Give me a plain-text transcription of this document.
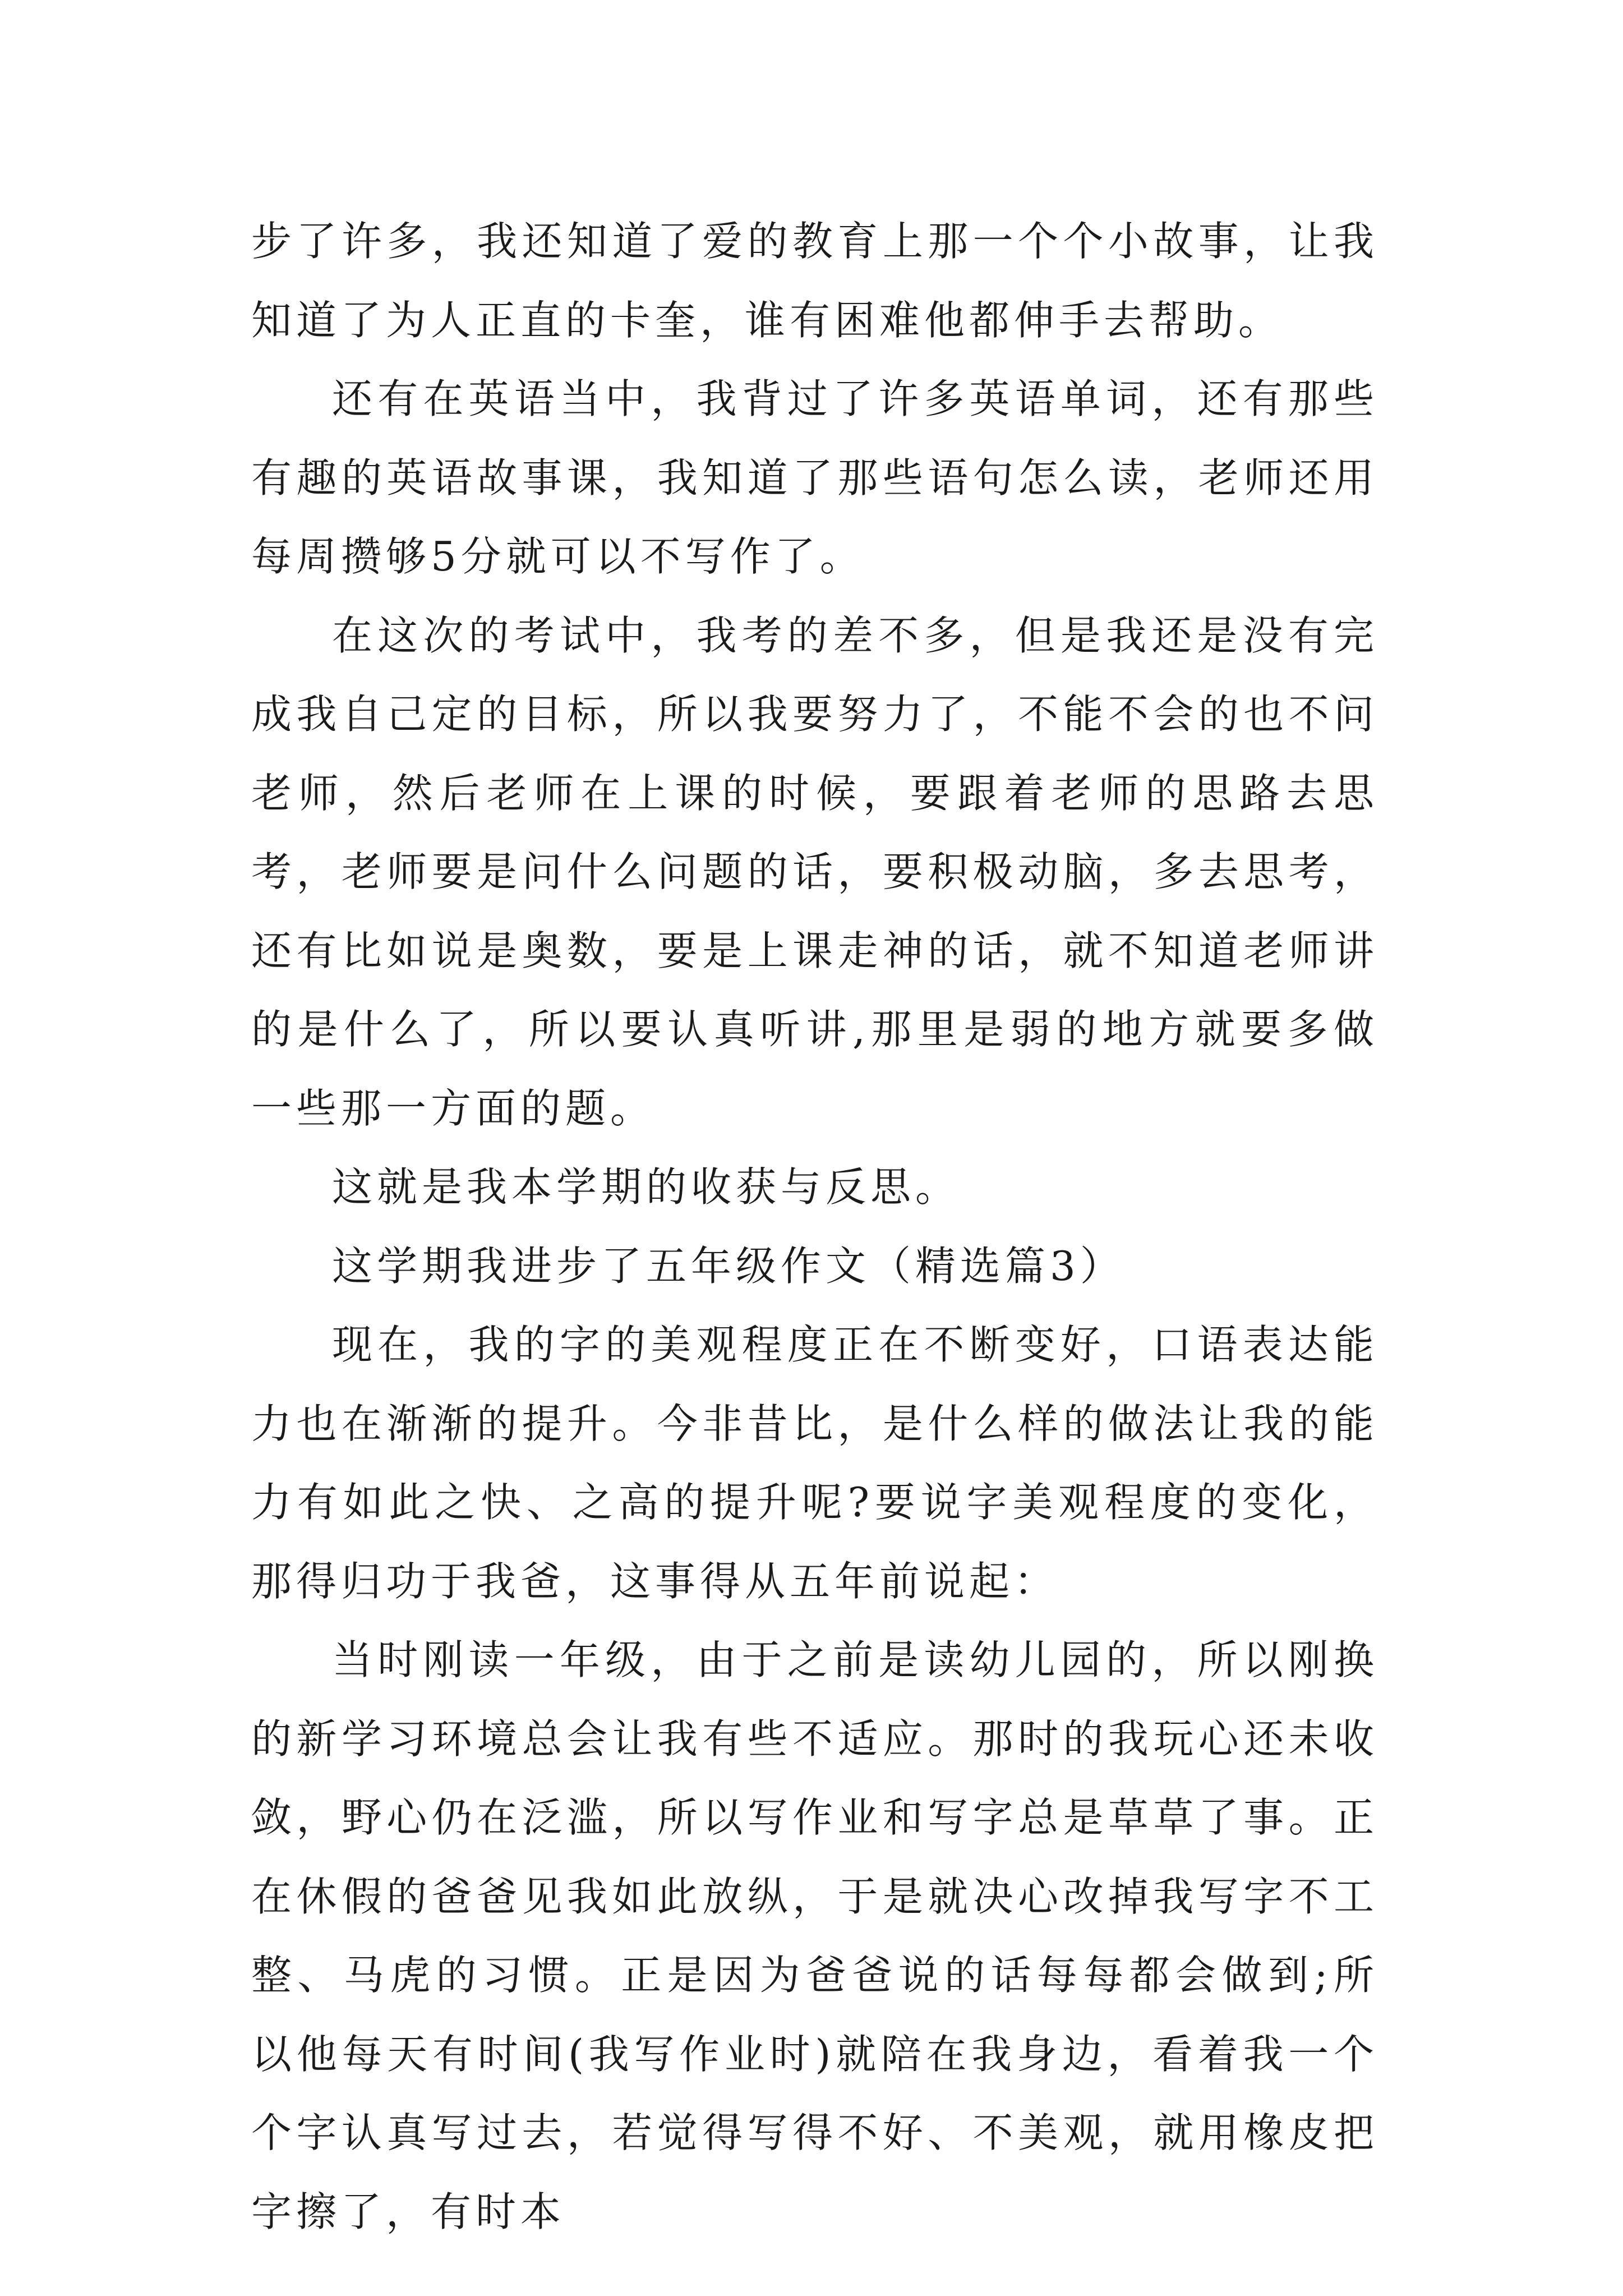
步了许多，我还知道了爱的教育上那一个个小故事，让我知道了为人正直的卡奎，谁有困难他都伸手去帮助。

还有在英语当中，我背过了许多英语单词，还有那些有趣的英语故事课，我知道了那些语句怎么读，老师还用每周攒够5分就可以不写作了。

在这次的考试中，我考的差不多，但是我还是没有完成我自己定的目标，所以我要努力了，不能不会的也不问老师，然后老师在上课的时候，要跟着老师的思路去思考，老师要是问什么问题的话，要积极动脑，多去思考，还有比如说是奥数，要是上课走神的话，就不知道老师讲的是什么了，所以要认真听讲,那里是弱的地方就要多做一些那一方面的题。

这就是我本学期的收获与反思。

这学期我进步了五年级作文（精选篇3）

现在，我的字的美观程度正在不断变好，口语表达能力也在渐渐的提升。今非昔比，是什么样的做法让我的能力有如此之快、之高的提升呢?要说字美观程度的变化，那得归功于我爸，这事得从五年前说起：

当时刚读一年级，由于之前是读幼儿园的，所以刚换的新学习环境总会让我有些不适应。那时的我玩心还未收敛，野心仍在泛滥，所以写作业和写字总是草草了事。正在休假的爸爸见我如此放纵，于是就决心改掉我写字不工整、马虎的习惯。正是因为爸爸说的话每每都会做到;所以他每天有时间(我写作业时)就陪在我身边，看着我一个个字认真写过去，若觉得写得不好、不美观，就用橡皮把字擦了，有时本
